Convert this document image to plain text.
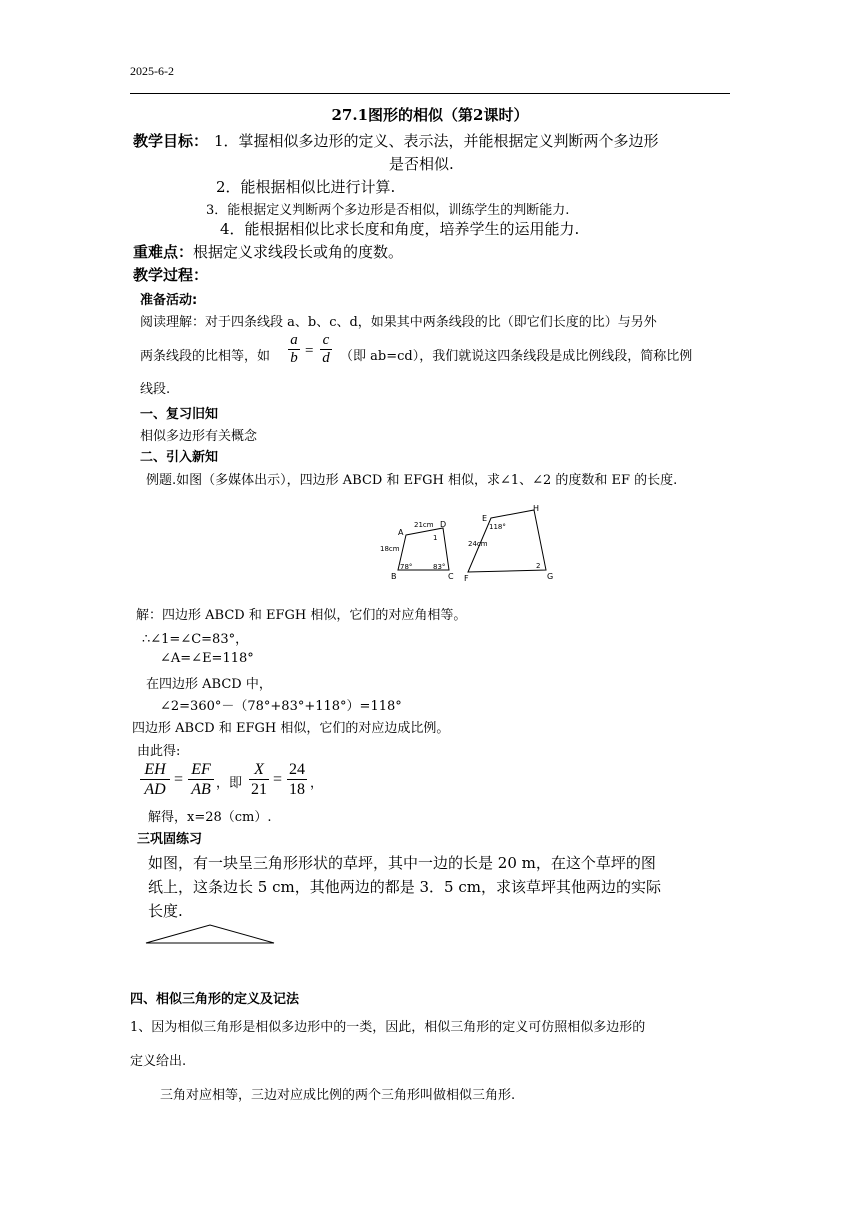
2025-6-2
27.1图形的相似（第2课时）
教学目标： 1．掌握相似多边形的定义、表示法，并能根据定义判断两个多边形
是否相似.
2．能根据相似比进行计算.
3．能根据定义判断两个多边形是否相似，训练学生的判断能力.
4．能根据相似比求长度和角度，培养学生的运用能力.
重难点：根据定义求线段长或角的度数。
教学过程：
准备活动:
阅读理解：对于四条线段 a、b、c、d，如果其中两条线段的比（即它们长度的比）与另外
两条线段的比相等，如
a
b =
c
d （即 ab=cd），我们就说这四条线段是成比例线段，简称比例
线段.
一、复习旧知
相似多边形有关概念
二、引入新知
例题.如图（多媒体出示），四边形 ABCD 和 EFGH 相似，求∠1、∠2 的度数和 EF 的长度.
A
D
B	C
21cm
18cm
1
78°	83°
E
H
F	G
118°
24cm
2
解：四边形 ABCD 和 EFGH 相似，它们的对应角相等。
∴∠1=∠C=83°，
∠A=∠E=118°
在四边形 ABCD 中，
∠2=360°－（78°+83°+118°）=118°
四边形 ABCD 和 EFGH 相似，它们的对应边成比例。
由此得:
EH
AD
=
EF
AB ，即
X
21
=
24
18 ，
解得，x=28（cm）.
三巩固练习
如图，有一块呈三角形形状的草坪，其中一边的长是 20 m，在这个草坪的图
纸上，这条边长 5 cm，其他两边的都是 3．5 cm，求该草坪其他两边的实际
长度.
四、相似三角形的定义及记法
1、因为相似三角形是相似多边形中的一类，因此，相似三角形的定义可仿照相似多边形的
定义给出.
三角对应相等，三边对应成比例的两个三角形叫做相似三角形.
